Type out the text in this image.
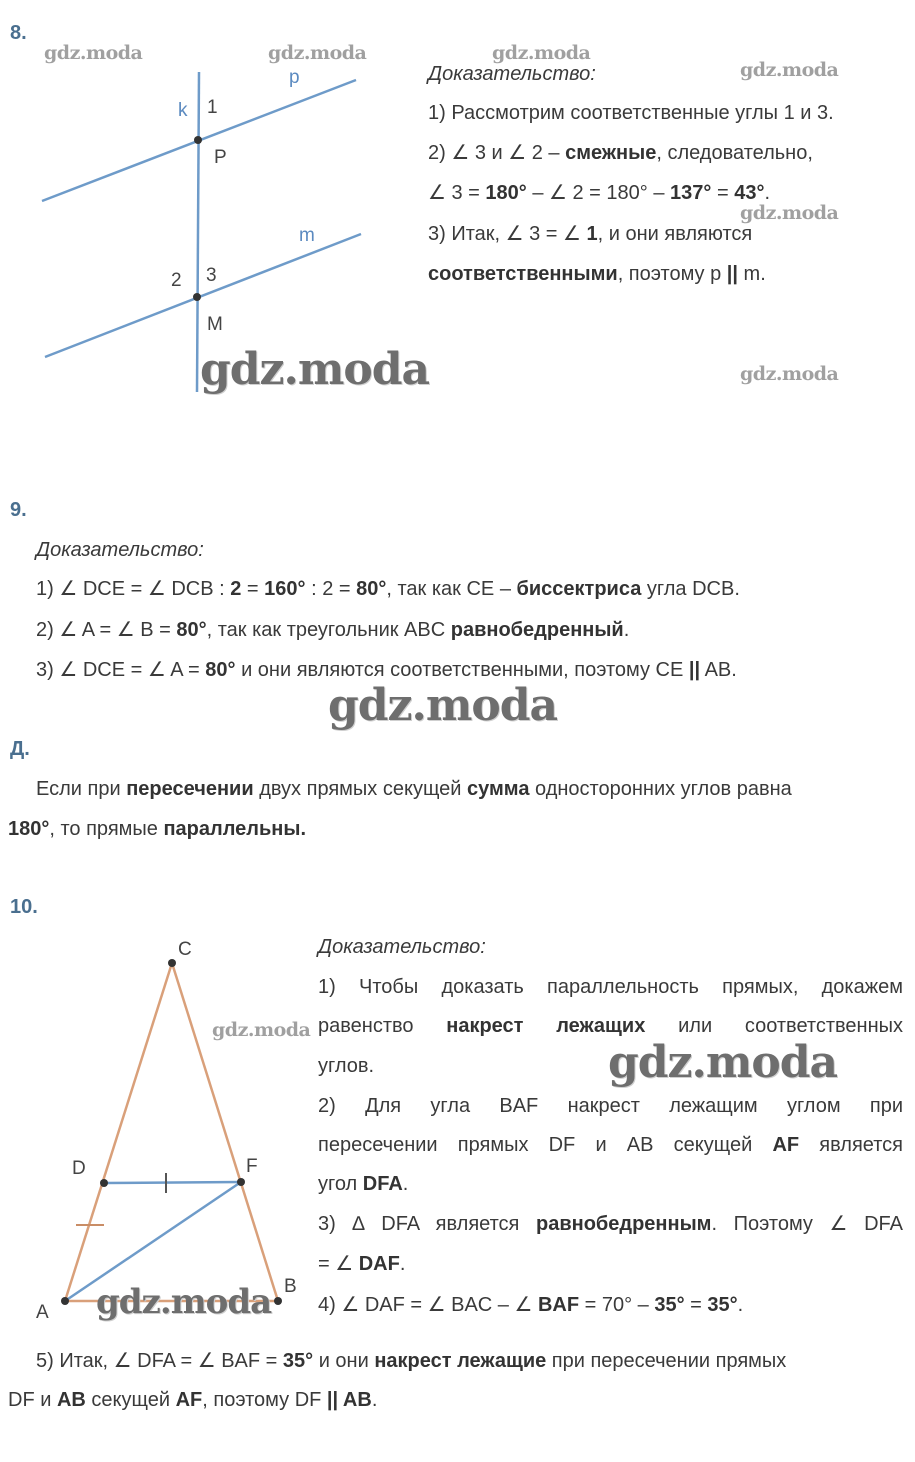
k 1
p
P
m
2 3
M
C
D	F
A
B
8.
Доказательство:
1) Рассмотрим соответственные углы 1 и 3.
2) ∠ 3 и ∠ 2 – смежные, следовательно,
∠ 3 = 180° – ∠ 2 = 180° – 137° = 43°.
3) Итак, ∠ 3 = ∠ 1, и они являются
соответственными, поэтому p || m.
9.
Доказательство:
1) ∠ DCE = ∠ DCB : 2 = 160° : 2 = 80°, так как CE – биссектриса угла DCB.
2) ∠ A = ∠ B = 80°, так как треугольник ABC равнобедренный.
3) ∠ DCE = ∠ A = 80° и они являются соответственными, поэтому CE || AB.
Д.
Если при пересечении двух прямых секущей сумма односторонних углов равна
180°, то прямые параллельны.
10.
Доказательство:
1) Чтобы доказать параллельность прямых, докажем
равенство накрест лежащих или соответственных
углов.
2) Для угла BAF накрест лежащим углом при
пересечении прямых DF и AB секущей AF является
угол DFA.
3) ∆ DFA является равнобедренным. Поэтому ∠ DFA
= ∠ DAF.
4) ∠ DAF = ∠ BAC – ∠ BAF = 70° – 35° = 35°.
5) Итак, ∠ DFA = ∠ BAF = 35° и они накрест лежащие при пересечении прямых
DF и AB секущей AF, поэтому DF || AB.
gdz.moda	gdz.moda	gdz.moda
gdz.moda
gdz.moda
gdz.moda
gdz.moda
gdz.moda
gdz.moda
gdz.moda
gdz.moda
